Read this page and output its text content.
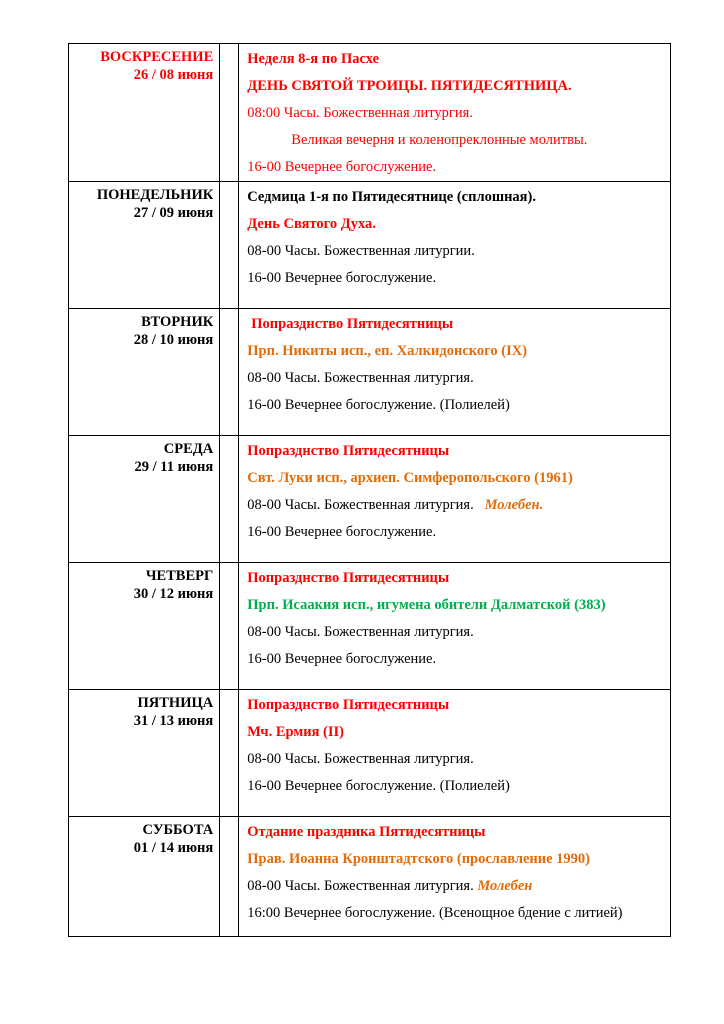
ВОСКРЕСЕНИЕ
26 / 08 июня		Неделя 8-я по Пасхе
ДЕНЬ СВЯТОЙ ТРОИЦЫ. ПЯТИДЕСЯТНИЦА.
08:00 Часы. Божественная литургия.
Великая вечерня и коленопреклонные молитвы.
16-00 Вечернее богослужение.

ПОНЕДЕЛЬНИК
27 / 09 июня		Седмица 1-я по Пятидесятнице (сплошная).
День Святого Духа.
08-00 Часы. Божественная литургии.
16-00 Вечернее богослужение.

ВТОРНИК
28 / 10 июня		Попразднство Пятидесятницы
Прп. Никиты исп., еп. Халкидонского (IX)
08-00 Часы. Божественная литургия.
16-00 Вечернее богослужение. (Полиелей)

СРЕДА
29 / 11 июня		Попразднство Пятидесятницы
Свт. Луки исп., архиеп. Симферопольского (1961)
08-00 Часы. Божественная литургия. Молебен.
16-00 Вечернее богослужение.

ЧЕТВЕРГ
30 / 12 июня		Попразднство Пятидесятницы
Прп. Исаакия исп., игумена обители Далматской (383)
08-00 Часы. Божественная литургия.
16-00 Вечернее богослужение.

ПЯТНИЦА
31 / 13 июня		Попразднство Пятидесятницы
Мч. Ермия (II)
08-00 Часы. Божественная литургия.
16-00 Вечернее богослужение. (Полиелей)

СУББОТА
01 / 14 июня		Отдание праздника Пятидесятницы
Прав. Иоанна Кронштадтского (прославление 1990)
08-00 Часы. Божественная литургия. Молебен
16:00 Вечернее богослужение. (Всенощное бдение с литией)
